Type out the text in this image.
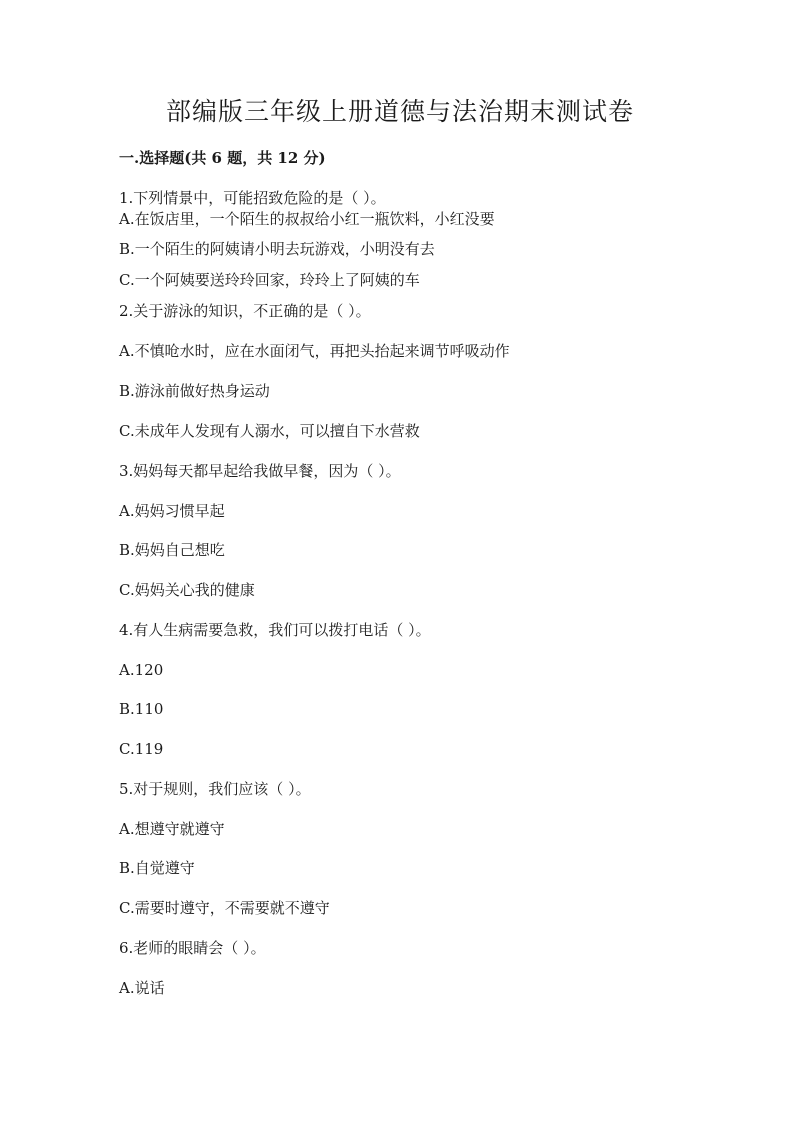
部编版三年级上册道德与法治期末测试卷
一.选择题(共 6 题，共 12 分)
1.下列情景中，可能招致危险的是（ ）。
A.在饭店里，一个陌生的叔叔给小红一瓶饮料，小红没要
B.一个陌生的阿姨请小明去玩游戏，小明没有去
C.一个阿姨要送玲玲回家，玲玲上了阿姨的车
2.关于游泳的知识，不正确的是（ ）。
A.不慎呛水时，应在水面闭气，再把头抬起来调节呼吸动作
B.游泳前做好热身运动
C.未成年人发现有人溺水，可以擅自下水营救
3.妈妈每天都早起给我做早餐，因为（ ）。
A.妈妈习惯早起
B.妈妈自己想吃
C.妈妈关心我的健康
4.有人生病需要急救，我们可以拨打电话（ ）。
A.120
B.110
C.119
5.对于规则，我们应该（ ）。
A.想遵守就遵守
B.自觉遵守
C.需要时遵守，不需要就不遵守
6.老师的眼睛会（ ）。
A.说话
